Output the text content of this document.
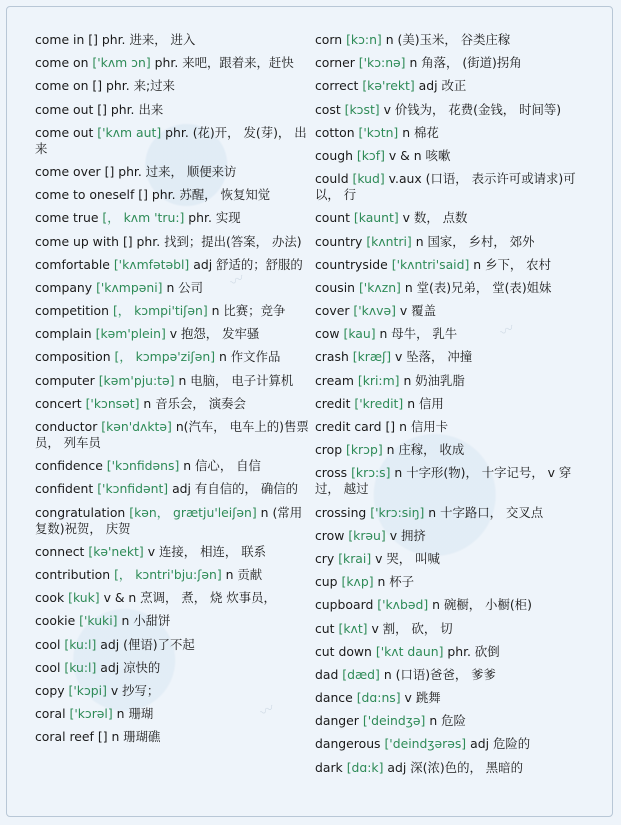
〰
〰
〰
come in [] phr. 进来， 进入
come on ['kʌm ɔn] phr. 来吧，跟着来，赶快
come on [] phr. 来;过来
come out [] phr. 出来
come out ['kʌm aut] phr. (花)开， 发(芽)， 出来
come over [] phr. 过来， 顺便来访
come to oneself [] phr. 苏醒， 恢复知觉
come true [， kʌm 'tru:] phr. 实现
come up with [] phr. 找到；提出(答案， 办法)
comfortable ['kʌmfətəbl] adj 舒适的；舒服的
company ['kʌmpəni] n 公司
competition [， kɔmpi'tiʃən] n 比赛；竞争
complain [kəm'plein] v 抱怨， 发牢骚
composition [， kɔmpə'ziʃən] n 作文作品
computer [kəm'pju:tə] n 电脑， 电子计算机
concert ['kɔnsət] n 音乐会， 演奏会
conductor [kən'dʌktə] n(汽车， 电车上的)售票员， 列车员
confidence ['kɔnfidəns] n 信心， 自信
confident ['kɔnfidənt] adj 有自信的， 确信的
congratulation [kən， grætju'leiʃən] n (常用复数)祝贺， 庆贺
connect [kə'nekt] v 连接， 相连， 联系
contribution [， kɔntri'bju:ʃən] n 贡献
cook [kuk] v & n 烹调， 煮， 烧 炊事员，
cookie ['kuki] n 小甜饼
cool [ku:l] adj (俚语)了不起
cool [ku:l] adj 凉快的
copy ['kɔpi] v 抄写；
coral ['kɔrəl] n 珊瑚
coral reef [] n 珊瑚礁
corn [kɔ:n] n (美)玉米， 谷类庄稼
corner ['kɔ:nə] n 角落， (街道)拐角
correct [kə'rekt] adj 改正
cost [kɔst] v 价钱为， 花费(金钱， 时间等)
cotton ['kɔtn] n 棉花
cough [kɔf] v & n 咳嗽
could [kud] v.aux (口语， 表示许可或请求)可以， 行
count [kaunt] v 数， 点数
country [kʌntri] n 国家， 乡村， 郊外
countryside ['kʌntri'said] n 乡下， 农村
cousin ['kʌzn] n 堂(表)兄弟， 堂(表)姐妹
cover ['kʌvə] v 覆盖
cow [kau] n 母牛， 乳牛
crash [kræʃ] v 坠落， 冲撞
cream [kri:m] n 奶油乳脂
credit ['kredit] n 信用
credit card [] n 信用卡
crop [krɔp] n 庄稼， 收成
cross [krɔ:s] n 十字形(物)， 十字记号， v 穿过， 越过
crossing ['krɔ:siŋ] n 十字路口， 交叉点
crow [krəu] v 拥挤
cry [krai] v 哭， 叫喊
cup [kʌp] n 杯子
cupboard ['kʌbəd] n 碗橱， 小橱(柜)
cut [kʌt] v 割， 砍， 切
cut down ['kʌt daun] phr. 砍倒
dad [dæd] n (口语)爸爸， 爹爹
dance [dɑ:ns] v 跳舞
danger ['deindʒə] n 危险
dangerous ['deindʒərəs] adj 危险的
dark [dɑ:k] adj 深(浓)色的， 黑暗的
